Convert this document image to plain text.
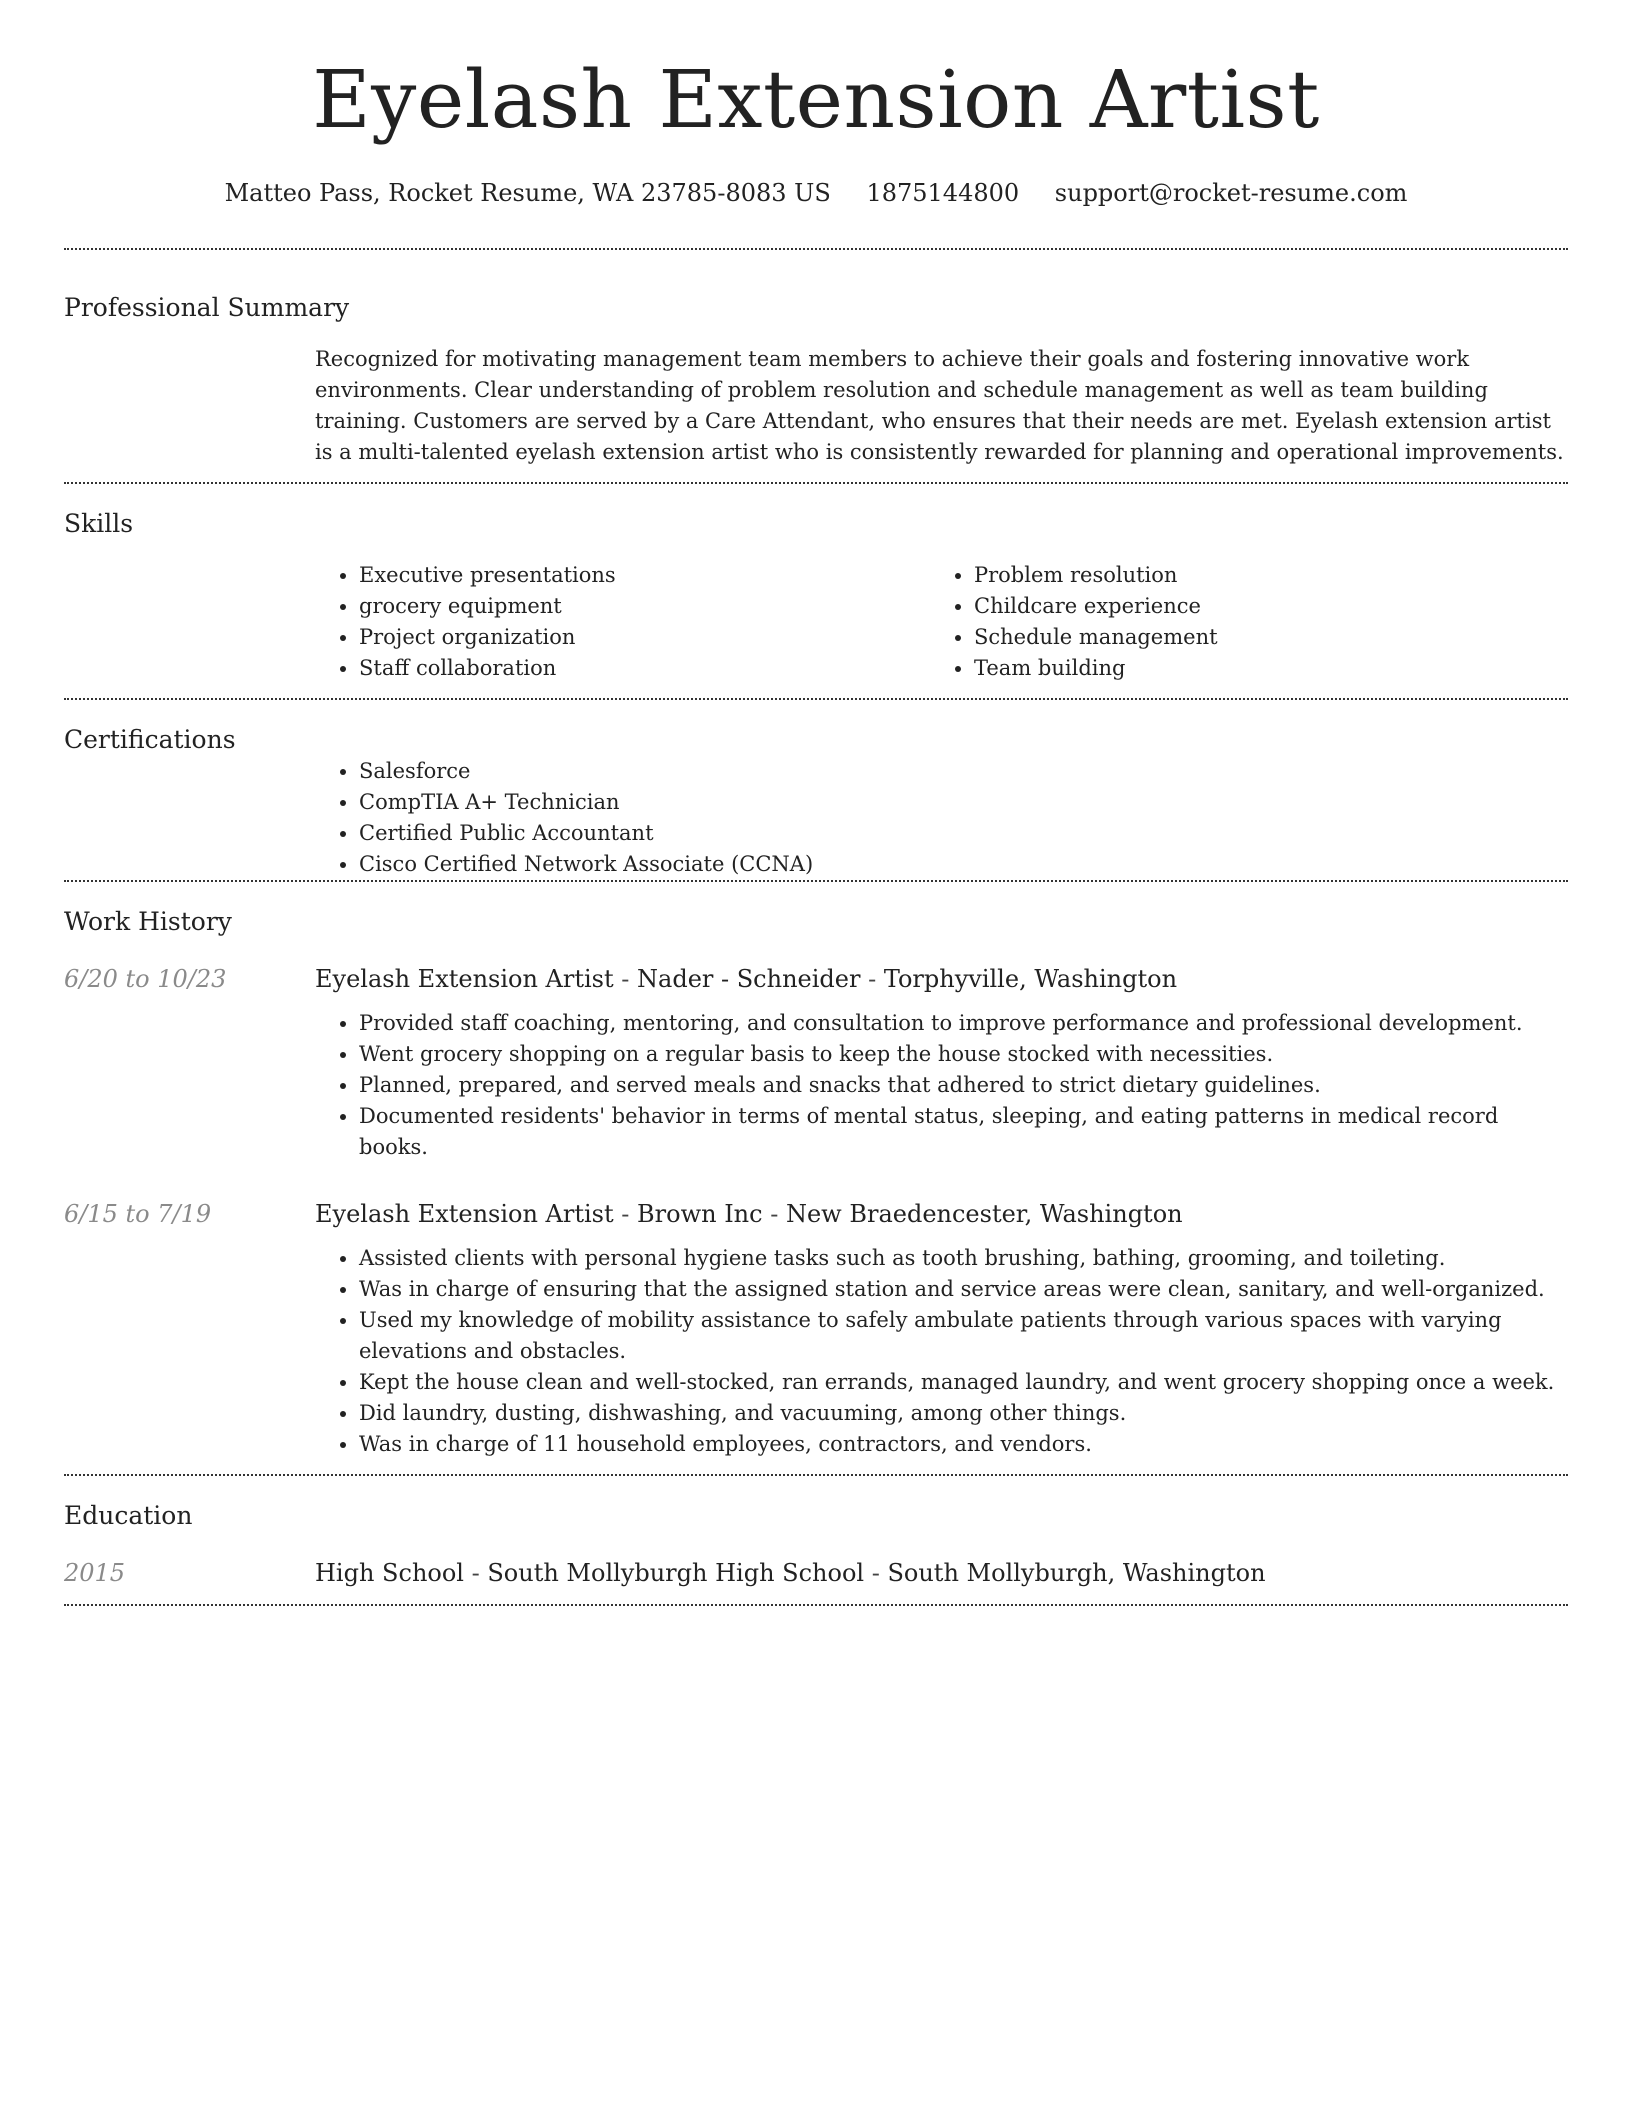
Eyelash Extension Artist
Matteo Pass, Rocket Resume, WA 23785-8083 US 1875144800 support@rocket-resume.com
Professional Summary

Recognized for motivating management team members to achieve their goals and fostering innovative work environments. Clear understanding of problem resolution and schedule management as well as team building training. Customers are served by a Care Attendant, who ensures that their needs are met. Eyelash extension artist is a multi-talented eyelash extension artist who is consistently rewarded for planning and operational improvements.

Skills
• Executive presentations
• grocery equipment
• Project organization
• Staff collaboration
• Problem resolution
• Childcare experience
• Schedule management
• Team building
Certifications
• Salesforce
• CompTIA A+ Technician
• Certified Public Accountant
• Cisco Certified Network Associate (CCNA)
Work History
6/20 to 10/23	Eyelash Extension Artist - Nader - Schneider - Torphyville, Washington
• Provided staff coaching, mentoring, and consultation to improve performance and professional development.
• Went grocery shopping on a regular basis to keep the house stocked with necessities.
• Planned, prepared, and served meals and snacks that adhered to strict dietary guidelines.
• Documented residents' behavior in terms of mental status, sleeping, and eating patterns in medical record books.
6/15 to 7/19	Eyelash Extension Artist - Brown Inc - New Braedencester, Washington
• Assisted clients with personal hygiene tasks such as tooth brushing, bathing, grooming, and toileting.
• Was in charge of ensuring that the assigned station and service areas were clean, sanitary, and well-organized.
• Used my knowledge of mobility assistance to safely ambulate patients through various spaces with varying elevations and obstacles.
• Kept the house clean and well-stocked, ran errands, managed laundry, and went grocery shopping once a week.
• Did laundry, dusting, dishwashing, and vacuuming, among other things.
• Was in charge of 11 household employees, contractors, and vendors.
Education
2015	High School - South Mollyburgh High School - South Mollyburgh, Washington
